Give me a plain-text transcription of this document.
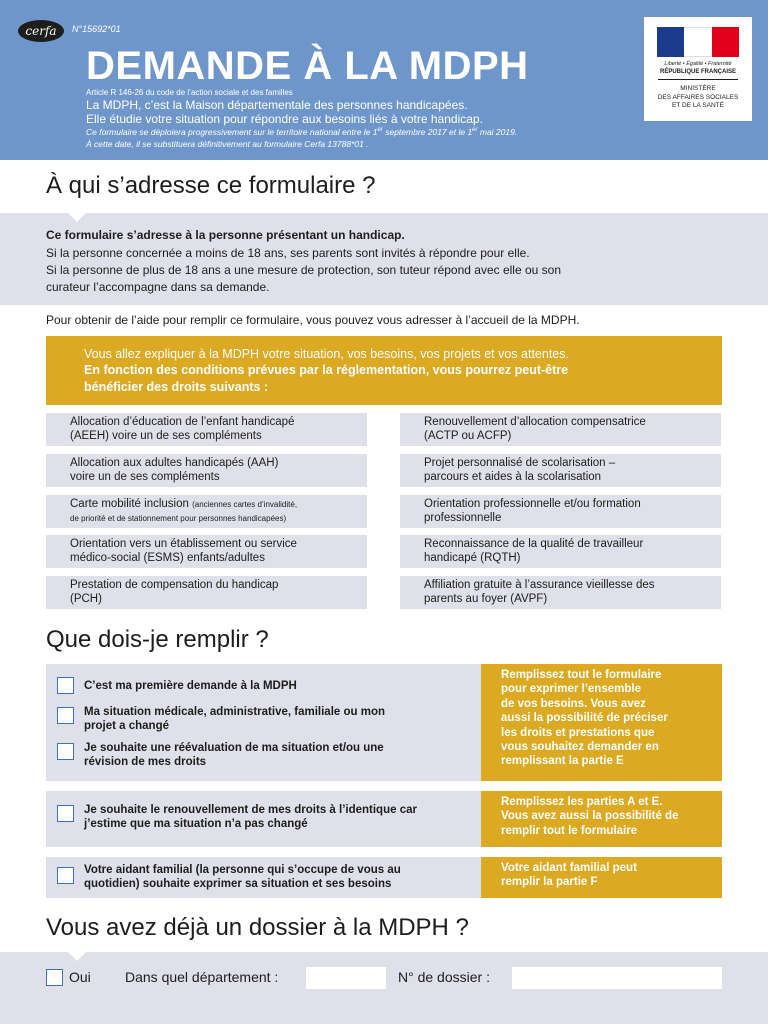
cerfa	N°15692*01
DEMANDE À LA MDPH
Article R 146-26 du code de l’action sociale et des familles
La MDPH, c’est la Maison départementale des personnes handicapées.
Elle étudie votre situation pour répondre aux besoins liés à votre handicap.
Ce formulaire se déploiera progressivement sur le territoire national entre le 1er septembre 2017 et le 1er mai 2019.
À cette date, il se substituera définitivement au formulaire Cerfa 13788*01 .
Liberté • Égalité • Fraternité
RÉPUBLIQUE FRANÇAISE
MINISTÈRE
DES AFFAIRES SOCIALES
ET DE LA SANTÉ
À qui s’adresse ce formulaire ?
Ce formulaire s’adresse à la personne présentant un handicap.
Si la personne concernée a moins de 18 ans, ses parents sont invités à répondre pour elle.
Si la personne de plus de 18 ans a une mesure de protection, son tuteur répond avec elle ou son
curateur l’accompagne dans sa demande.
Pour obtenir de l’aide pour remplir ce formulaire, vous pouvez vous adresser à l’accueil de la MDPH.
Vous allez expliquer à la MDPH votre situation, vos besoins, vos projets et vos attentes.
En fonction des conditions prévues par la réglementation, vous pourrez peut-être
bénéficier des droits suivants :
Allocation d’éducation de l’enfant handicapé
(AEEH) voire un de ses compléments
Allocation aux adultes handicapés (AAH)
voire un de ses compléments
Carte mobilité inclusion (anciennes cartes d’invalidité,
de priorité et de stationnement pour personnes handicapées)
Orientation vers un établissement ou service
médico-social (ESMS) enfants/adultes
Prestation de compensation du handicap
(PCH)
Renouvellement d’allocation compensatrice
(ACTP ou ACFP)
Projet personnalisé de scolarisation –
parcours et aides à la scolarisation
Orientation professionnelle et/ou formation
professionnelle
Reconnaissance de la qualité de travailleur
handicapé (RQTH)
Affiliation gratuite à l’assurance vieillesse des
parents au foyer (AVPF)
Que dois-je remplir ?
C’est ma première demande à la MDPH
Ma situation médicale, administrative, familiale ou mon
projet a changé
Je souhaite une réévaluation de ma situation et/ou une
révision de mes droits
Remplissez tout le formulaire
pour exprimer l’ensemble
de vos besoins. Vous avez
aussi la possibilité de préciser
les droits et prestations que
vous souhaitez demander en
remplissant la partie E
Je souhaite le renouvellement de mes droits à l’identique car
j’estime que ma situation n’a pas changé
Remplissez les parties A et E.
Vous avez aussi la possibilité de
remplir tout le formulaire
Votre aidant familial (la personne qui s’occupe de vous au
quotidien) souhaite exprimer sa situation et ses besoins
Votre aidant familial peut
remplir la partie F
Vous avez déjà un dossier à la MDPH ?
Oui Dans quel département :	N° de dossier :
